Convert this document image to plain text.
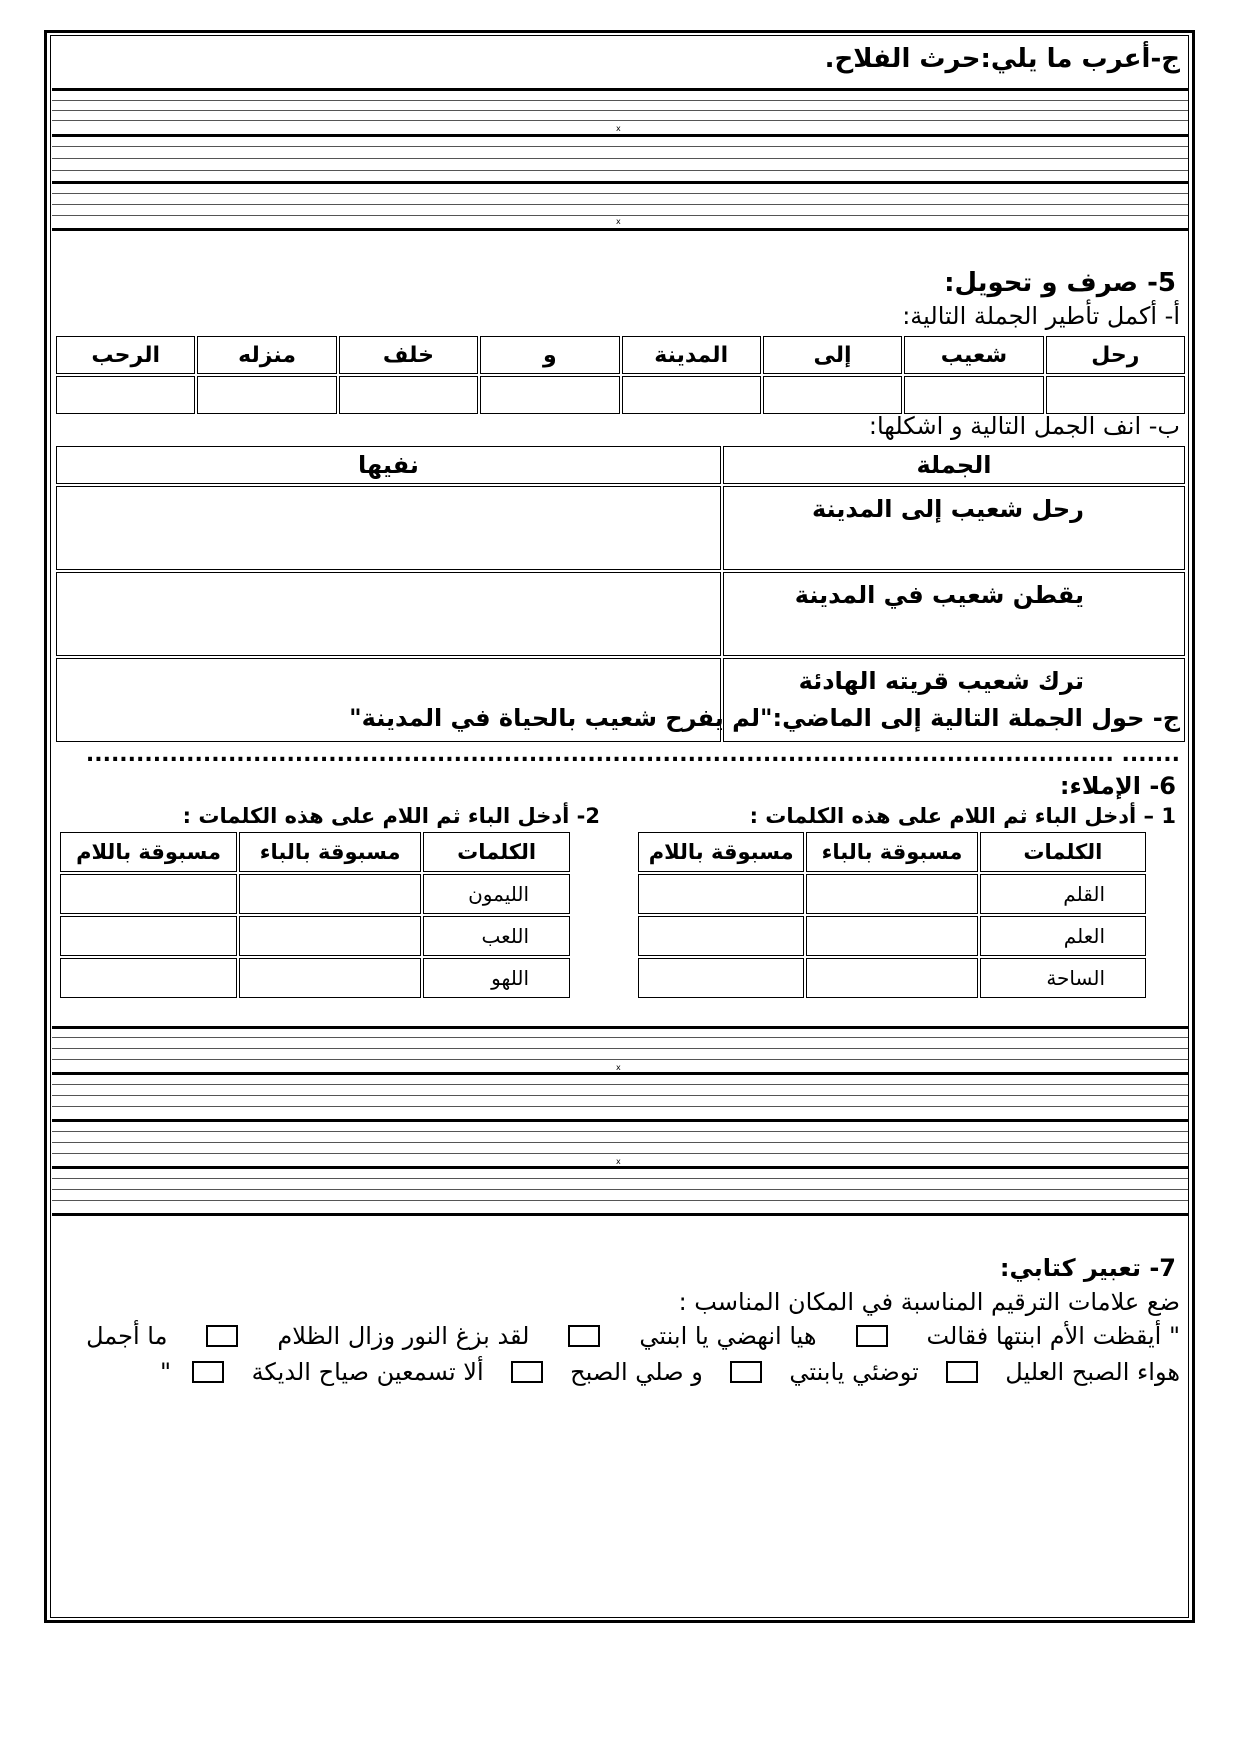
ج-أعرب ما يلي:حرث الفلاح.
x
x
5- صرف و تحويل:
أ- أكمل تأطير الجملة التالية:
رحل	شعيب	إلى	المدينة	و	خلف	منزله	الرحب

ب- انف الجمل التالية و اشكلها:
الجملة	نفيها
رحل شعيب إلى المدينة	
يقطن شعيب في المدينة	
ترك شعيب قريته الهادئة	
ج- حول الجملة التالية إلى الماضي:"لم يفرح شعيب بالحياة في المدينة"
....... ...........................................................................................................................
6- الإملاء:
1 – أدخل الباء ثم اللام على هذه الكلمات :
2- أدخل الباء ثم اللام على هذه الكلمات :
الكلمات	مسبوقة بالباء	مسبوقة باللام
القلم		
العلم		
الساحة		
الكلمات	مسبوقة بالباء	مسبوقة باللام
الليمون		
اللعب		
اللهو		
x
x
7- تعبير كتابي:
ضع علامات الترقيم المناسبة في المكان المناسب :
" أيقظت الأم ابنتها فقالت
هيا انهضي يا ابنتي
لقد بزغ النور وزال الظلام
ما أجمل
هواء الصبح العليل
توضئي يابنتي
و صلي الصبح
ألا تسمعين صياح الديكة
"
